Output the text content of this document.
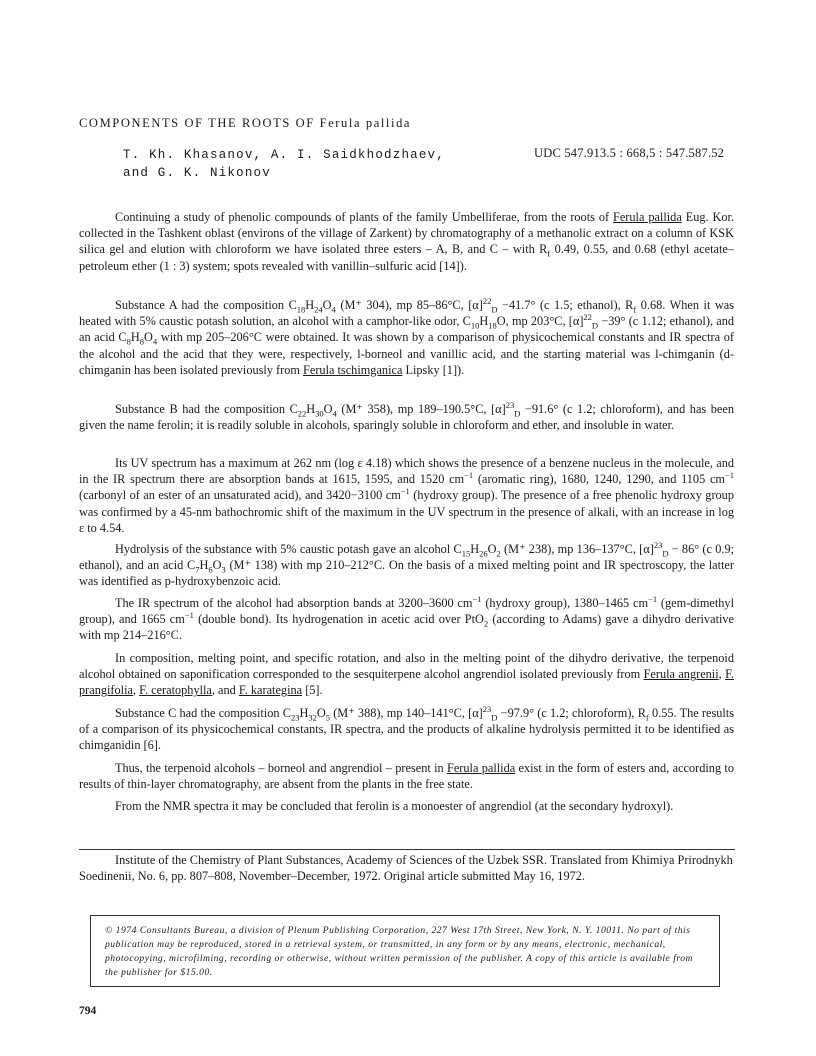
COMPONENTS OF THE ROOTS OF Ferula pallida
T. Kh. Khasanov, A. I. Saidkhodzhaev,
and G. K. Nikonov
UDC 547.913.5 : 668,5 : 547.587.52

Continuing a study of phenolic compounds of plants of the family Umbelliferae, from the roots of Ferula pallida Eug. Kor. collected in the Tashkent oblast (environs of the village of Zarkent) by chromatography of a methanolic extract on a column of KSK silica gel and elution with chloroform we have isolated three esters – A, B, and C – with $R_f$ 0.49, 0.55, and 0.68 (ethyl acetate–petroleum ether (1 : 3) system; spots revealed with vanillin–sulfuric acid [14]).

Substance A had the composition $C_{18}H_{24}O_4$ (M⁺ 304), mp 85–86°C, $[\alpha]^{22}_D -41.7^\circ$ (c 1.5; ethanol), $R_f$ 0.68. When it was heated with 5% caustic potash solution, an alcohol with a camphor-like odor, $C_{10}H_{18}O$, mp 203°C, $[\alpha]^{22}_D -39^\circ$ (c 1.12; ethanol), and an acid $C_8H_8O_4$ with mp 205–206°C were obtained. It was shown by a comparison of physicochemical constants and IR spectra of the alcohol and the acid that they were, respectively, l-borneol and vanillic acid, and the starting material was l-chimganin (d-chimganin has been isolated previously from Ferula tschimganica Lipsky [1]).

Substance B had the composition $C_{22}H_{30}O_4$ (M⁺ 358), mp 189–190.5°C, $[\alpha]^{23}_D -91.6^\circ$ (c 1.2; chloroform), and has been given the name ferolin; it is readily soluble in alcohols, sparingly soluble in chloroform and ether, and insoluble in water.

Its UV spectrum has a maximum at 262 nm (log ε 4.18) which shows the presence of a benzene nucleus in the molecule, and in the IR spectrum there are absorption bands at 1615, 1595, and 1520 $cm^{-1}$ (aromatic ring), 1680, 1240, 1290, and 1105 $cm^{-1}$ (carbonyl of an ester of an unsaturated acid), and 3420−3100 $cm^{-1}$ (hydroxy group). The presence of a free phenolic hydroxy group was confirmed by a 45-nm bathochromic shift of the maximum in the UV spectrum in the presence of alkali, with an increase in log ε to 4.54.

Hydrolysis of the substance with 5% caustic potash gave an alcohol $C_{15}H_{26}O_2$ (M⁺ 238), mp 136–137°C, $[\alpha]^{23}_D - 86^\circ$ (c 0.9; ethanol), and an acid $C_7H_6O_3$ (M⁺ 138) with mp 210–212°C. On the basis of a mixed melting point and IR spectroscopy, the latter was identified as p-hydroxybenzoic acid.

The IR spectrum of the alcohol had absorption bands at 3200–3600 $cm^{-1}$ (hydroxy group), 1380–1465 $cm^{-1}$ (gem-dimethyl group), and 1665 $cm^{-1}$ (double bond). Its hydrogenation in acetic acid over PtO$_2$ (according to Adams) gave a dihydro derivative with mp 214–216°C.

In composition, melting point, and specific rotation, and also in the melting point of the dihydro derivative, the terpenoid alcohol obtained on saponification corresponded to the sesquiterpene alcohol angrendiol isolated previously from Ferula angrenii, F. prangifolia, F. ceratophylla, and F. karategina [5].

Substance C had the composition $C_{23}H_{32}O_5$ (M⁺ 388), mp 140–141°C, $[\alpha]^{23}_D -97.9^\circ$ (c 1.2; chloroform), $R_f$ 0.55. The results of a comparison of its physicochemical constants, IR spectra, and the products of alkaline hydrolysis permitted it to be identified as chimganidin [6].

Thus, the terpenoid alcohols – borneol and angrendiol – present in Ferula pallida exist in the form of esters and, according to results of thin-layer chromatography, are absent from the plants in the free state.

From the NMR spectra it may be concluded that ferolin is a monoester of angrendiol (at the secondary hydroxyl).

Institute of the Chemistry of Plant Substances, Academy of Sciences of the Uzbek SSR. Translated from Khimiya Prirodnykh Soedinenii, No. 6, pp. 807–808, November–December, 1972. Original article submitted May 16, 1972.
© 1974 Consultants Bureau, a division of Plenum Publishing Corporation, 227 West 17th Street, New York, N. Y. 10011. No part of this publication may be reproduced, stored in a retrieval system, or transmitted, in any form or by any means, electronic, mechanical, photocopying, microfilming, recording or otherwise, without written permission of the publisher. A copy of this article is available from the publisher for $15.00.
794
